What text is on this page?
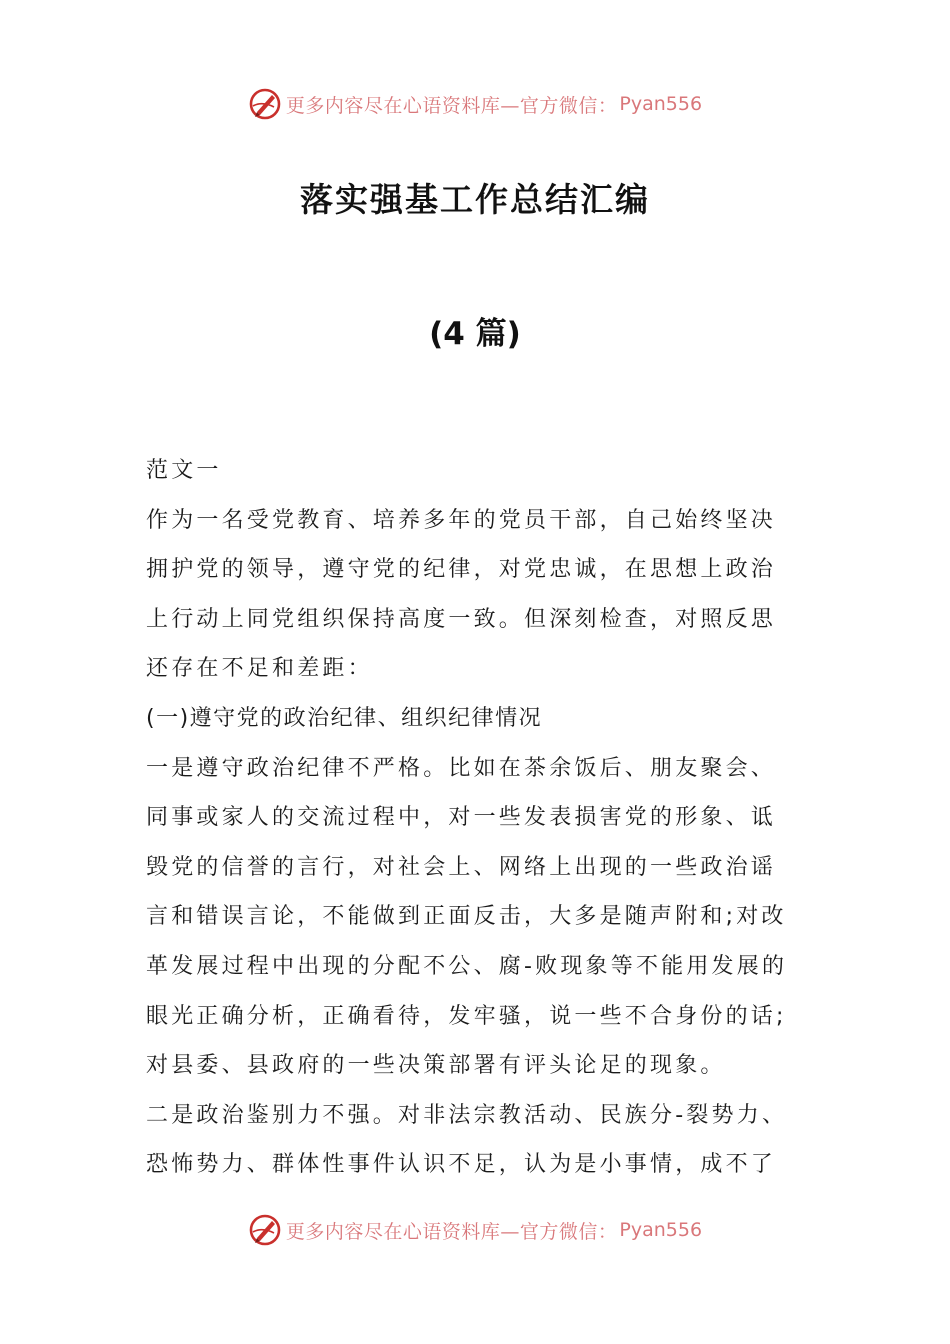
更多内容尽在心语资料库—官方微信： Pyan556
落实强基工作总结汇编
(4 篇)
范文一
作为一名受党教育、培养多年的党员干部，自己始终坚决
拥护党的领导，遵守党的纪律，对党忠诚，在思想上政治
上行动上同党组织保持高度一致。但深刻检查，对照反思
还存在不足和差距：
(一)遵守党的政治纪律、组织纪律情况
一是遵守政治纪律不严格。比如在茶余饭后、朋友聚会、
同事或家人的交流过程中，对一些发表损害党的形象、诋
毁党的信誉的言行，对社会上、网络上出现的一些政治谣
言和错误言论，不能做到正面反击，大多是随声附和;对改
革发展过程中出现的分配不公、腐-败现象等不能用发展的
眼光正确分析，正确看待，发牢骚，说一些不合身份的话;
对县委、县政府的一些决策部署有评头论足的现象。
二是政治鉴别力不强。对非法宗教活动、民族分-裂势力、
恐怖势力、群体性事件认识不足，认为是小事情，成不了
更多内容尽在心语资料库—官方微信： Pyan556
